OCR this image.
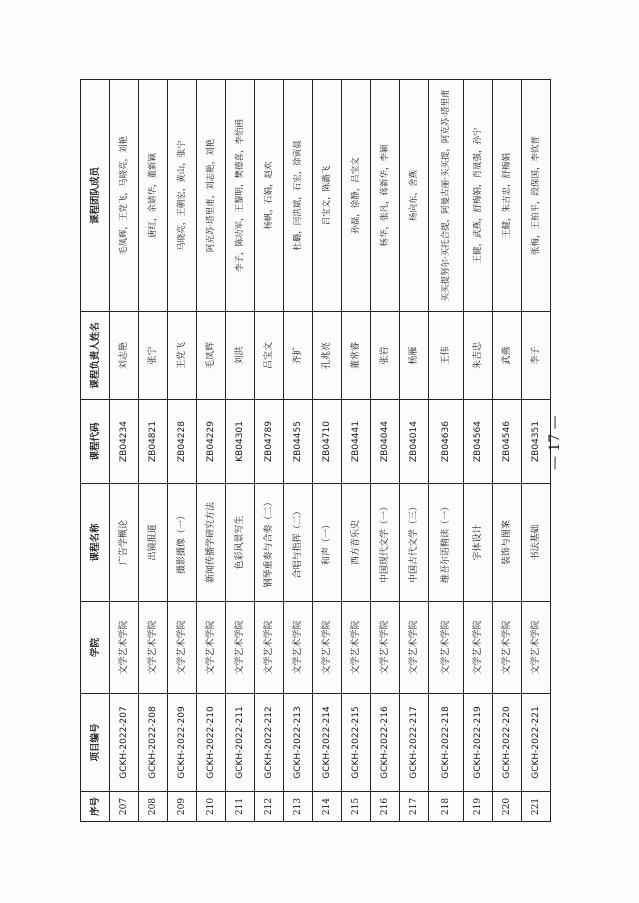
序号	项目编号	学院	课程名称	课程代码	课程负责人姓名	课程团队成员
207	GCKH-2022-207	文学艺术学院	广告学概论	ZB04234	刘志艳	毛凤辉，王党飞，马晓亮，刘艳
208	GCKH-2022-208	文学艺术学院	出镜报道	ZB04821	张宁	唐红，余婧华，董新颖
209	GCKH-2022-209	文学艺术学院	摄影摄像（一）	ZB04228	王党飞	马晓亮，王朝宏，黄山，张宁
210	GCKH-2022-210	文学艺术学院	新闻传播学研究方法	ZB04229	毛凤辉	阿克苏·塔里甫，刘志艳，刘艳
211	GCKH-2022-211	文学艺术学院	色彩风景写生	KB04301	刘洪	李子，陈功军，王黎明，樊德喜，李怡函
212	GCKH-2022-212	文学艺术学院	钢琴重奏与合奏（二）	ZB04789	吕宝文	杨帆，石娟，赵欢
213	GCKH-2022-213	文学艺术学院	合唱与指挥（二）	ZB04455	齐扩	杜璐，闫洪斌，石宏，徐寅晨
214	GCKH-2022-214	文学艺术学院	和声（一）	ZB04710	孔兆亮	吕宝文，陈潞飞
215	GCKH-2022-215	文学艺术学院	西方音乐史	ZB04441	董常睿	孙磊，徐静，吕宝文
216	GCKH-2022-216	文学艺术学院	中国现代文学（一）	ZB04044	张岩	杨华，张凡，蒋新华，李颖
217	GCKH-2022-217	文学艺术学院	中国古代文学（三）	ZB04014	杨雁	杨向东，舍燕
218	GCKH-2022-218	文学艺术学院	维吾尔语精读（一）	ZB04636	王伟	买买提努尔·买托合提，阿曼古丽·买买提，阿克苏·塔里甫
219	GCKH-2022-219	文学艺术学院	字体设计	ZB04564	朱吉忠	王健，武燕，舒梅娟，肖晟强，孙宁
220	GCKH-2022-220	文学艺术学院	装饰与图案	ZB04546	武燕	王健，朱吉忠，舒梅娟
221	GCKH-2022-221	文学艺术学院	书法基础	ZB04351	李子	张梅，王柏平，段保国，李钦普
— 17 —
